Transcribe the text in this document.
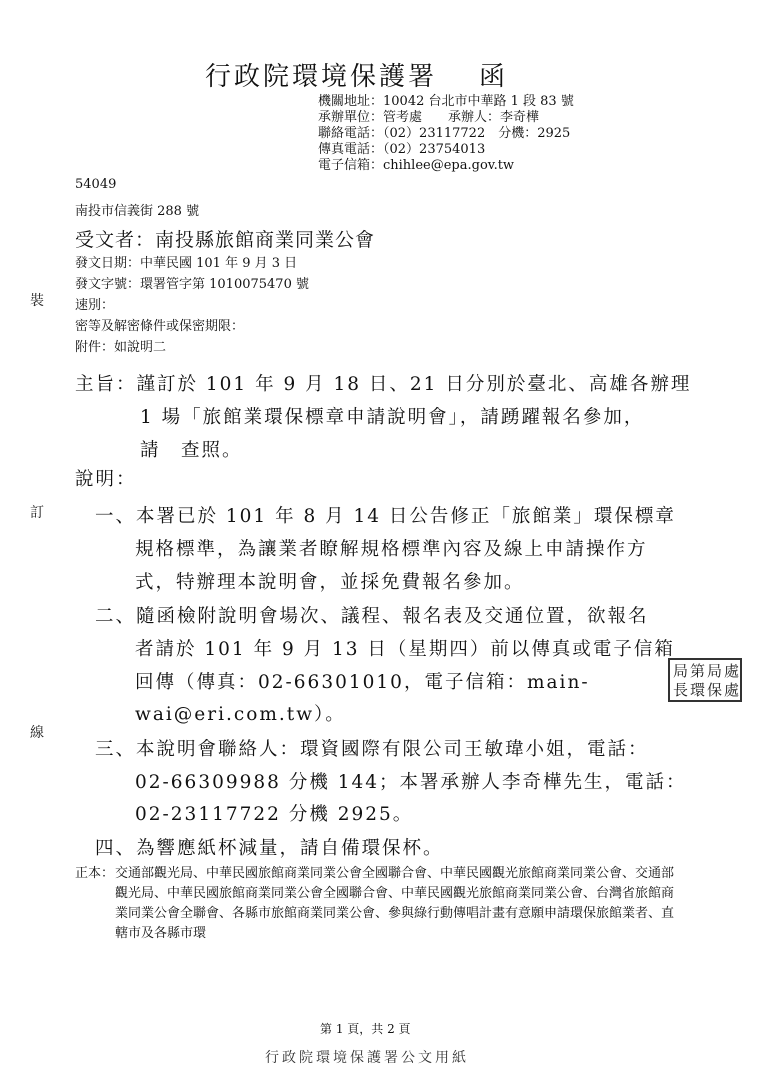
行政院環境保護署 函
機關地址：10042 台北市中華路 1 段 83 號
承辦單位：管考處　　承辦人：李奇樺
聯絡電話：（02）23117722　分機：2925
傳真電話：（02）23754013
電子信箱：chihlee@epa.gov.tw
54049
南投市信義街 288 號
受文者：南投縣旅館商業同業公會
發文日期：中華民國 101 年 9 月 3 日
發文字號：環署管字第 1010075470 號
速別：
密等及解密條件或保密期限：
附件：如說明二
裝
訂
線
主旨：謹訂於 101 年 9 月 18 日、21 日分別於臺北、高雄各辦理
1 場「旅館業環保標章申請說明會」，請踴躍報名參加，
請　查照。
說明：
一、本署已於 101 年 8 月 14 日公告修正「旅館業」環保標章
規格標準，為讓業者瞭解規格標準內容及線上申請操作方
式，特辦理本說明會，並採免費報名參加。
二、隨函檢附說明會場次、議程、報名表及交通位置，欲報名
者請於 101 年 9 月 13 日（星期四）前以傳真或電子信箱
回傳（傳真：02-66301010，電子信箱：main-
wai@eri.com.tw）。
三、本說明會聯絡人：環資國際有限公司王敏瑋小姐，電話：
02-66309988 分機 144；本署承辦人李奇樺先生，電話：
02-23117722 分機 2925。
四、為響應紙杯減量，請自備環保杯。
局 第 局 處
長 環 保 處
正本： 交通部觀光局、中華民國旅館商業同業公會全國聯合會、中華民國觀光旅館商業同業公會、交通部觀光局、中華民國旅館商業同業公會全國聯合會、中華民國觀光旅館商業同業公會、台灣省旅館商業同業公會全聯會、各縣市旅館商業同業公會、參與綠行動傳唱計畫有意願申請環保旅館業者、直轄市及各縣市環
第 1 頁，共 2 頁
行政院環境保護署公文用紙
